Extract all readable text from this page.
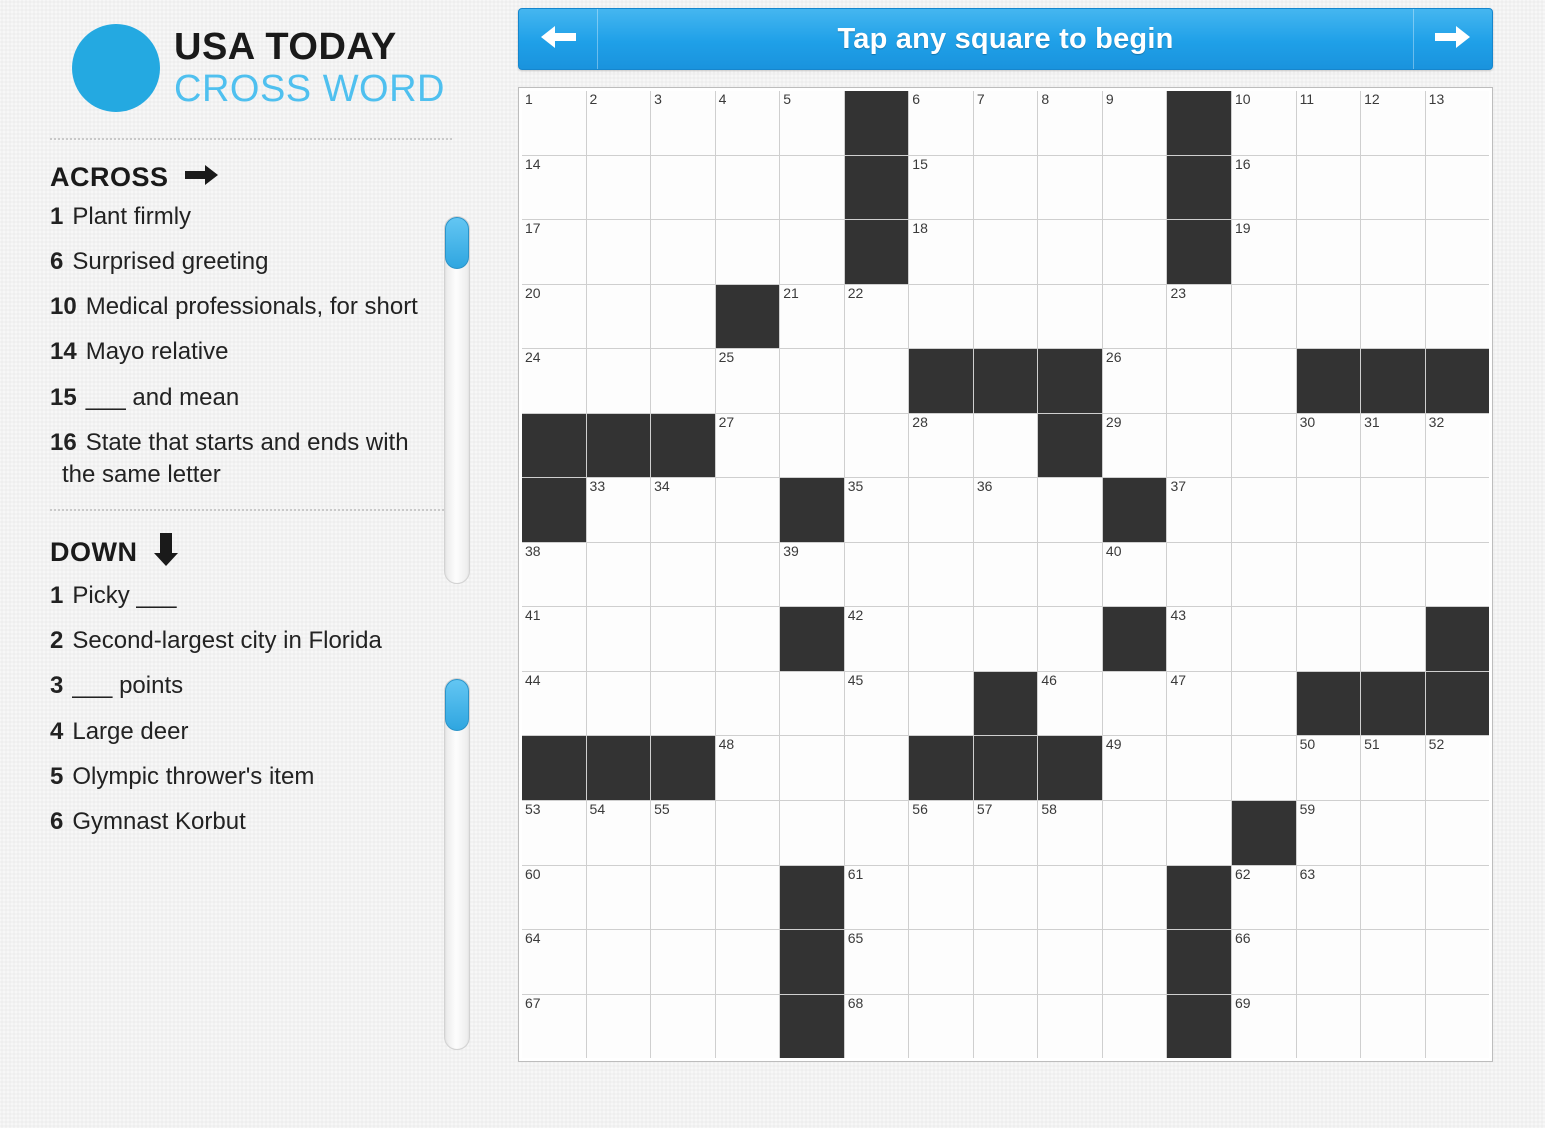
USA TODAY
CROSS WORD
ACROSS
1 Plant firmly
6 Surprised greeting
10 Medical professionals, for short
14 Mayo relative
15 ___ and mean
16 State that starts and ends with the same letter
DOWN
1 Picky ___
2 Second-largest city in Florida
3 ___ points
4 Large deer
5 Olympic thrower's item
6 Gymnast Korbut
Tap any square to begin
1	2	3	4	5	6	7	8	9	10	11	12	13
14	15	16
17	18	19
20	21	22	23
24	25	26
27	28	29	30	31	32
33	34	35	36	37
38	39	40
41	42	43
44	45	46	47
48	49	50	51	52
53	54	55	56	57	58	59
60	61	62	63
64	65	66
67	68	69
